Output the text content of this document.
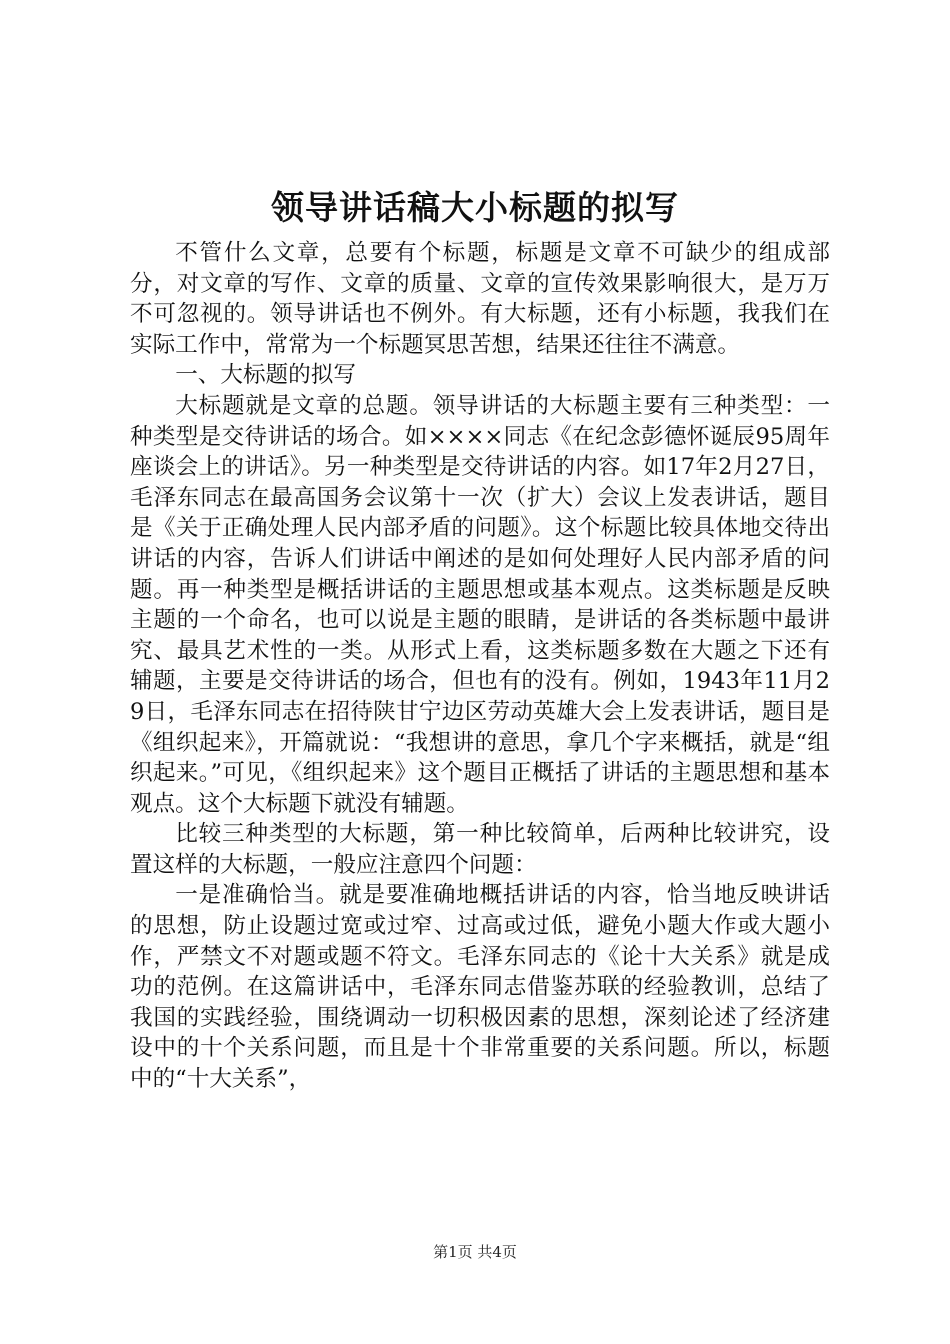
领导讲话稿大小标题的拟写

不管什么文章，总要有个标题，标题是文章不可缺少的组成部分，对文章的写作、文章的质量、文章的宣传效果影响很大，是万万不可忽视的。领导讲话也不例外。有大标题，还有小标题，我我们在实际工作中，常常为一个标题冥思苦想，结果还往往不满意。

一、大标题的拟写

大标题就是文章的总题。领导讲话的大标题主要有三种类型：一种类型是交待讲话的场合。如××××同志《在纪念彭德怀诞辰95周年座谈会上的讲话》。另一种类型是交待讲话的内容。如17年2月27日，毛泽东同志在最高国务会议第十一次（扩大）会议上发表讲话，题目是《关于正确处理人民内部矛盾的问题》。这个标题比较具体地交待出讲话的内容，告诉人们讲话中阐述的是如何处理好人民内部矛盾的问题。再一种类型是概括讲话的主题思想或基本观点。这类标题是反映主题的一个命名，也可以说是主题的眼睛，是讲话的各类标题中最讲究、最具艺术性的一类。从形式上看，这类标题多数在大题之下还有辅题，主要是交待讲话的场合，但也有的没有。例如，1943年11月29日，毛泽东同志在招待陕甘宁边区劳动英雄大会上发表讲话，题目是《组织起来》，开篇就说：“我想讲的意思，拿几个字来概括，就是“组织起来。”可见，《组织起来》这个题目正概括了讲话的主题思想和基本观点。这个大标题下就没有辅题。

比较三种类型的大标题，第一种比较简单，后两种比较讲究，设置这样的大标题，一般应注意四个问题：

一是准确恰当。就是要准确地概括讲话的内容，恰当地反映讲话的思想，防止设题过宽或过窄、过高或过低，避免小题大作或大题小作，严禁文不对题或题不符文。毛泽东同志的《论十大关系》就是成功的范例。在这篇讲话中，毛泽东同志借鉴苏联的经验教训，总结了我国的实践经验，围绕调动一切积极因素的思想，深刻论述了经济建设中的十个关系问题，而且是十个非常重要的关系问题。所以，标题中的“十大关系”，

第1页 共4页
